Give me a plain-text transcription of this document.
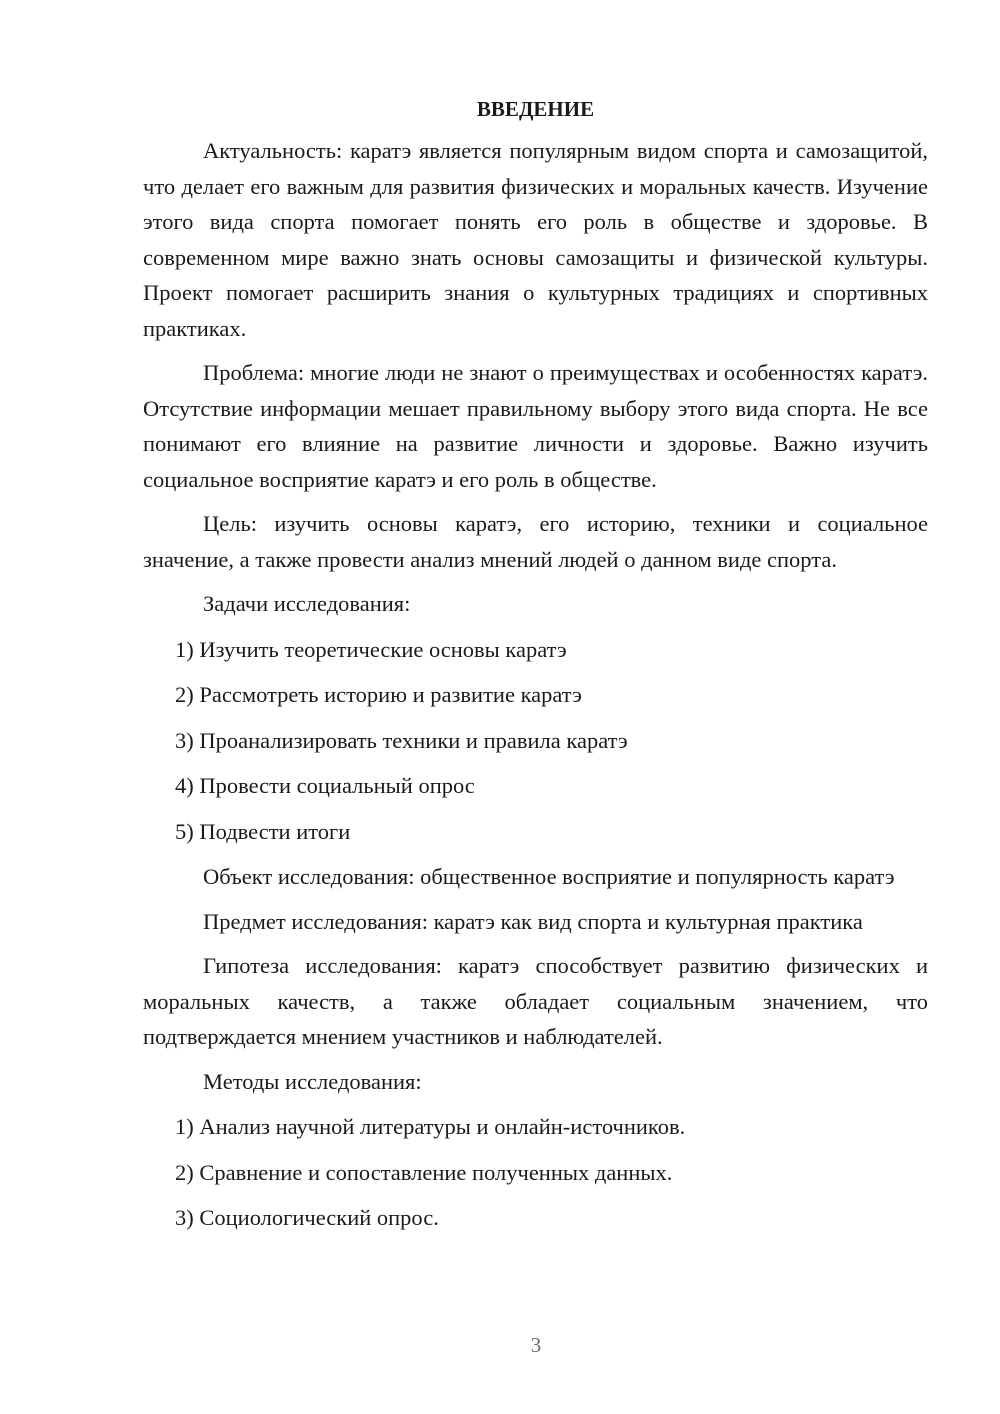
ВВЕДЕНИЕ

Актуальность: каратэ является популярным видом спорта и самозащитой, что делает его важным для развития физических и моральных качеств. Изучение этого вида спорта помогает понять его роль в обществе и здоровье. В современном мире важно знать основы самозащиты и физической культуры. Проект помогает расширить знания о культурных традициях и спортивных практиках.

Проблема: многие люди не знают о преимуществах и особенностях каратэ. Отсутствие информации мешает правильному выбору этого вида спорта. Не все понимают его влияние на развитие личности и здоровье. Важно изучить социальное восприятие каратэ и его роль в обществе.

Цель: изучить основы каратэ, его историю, техники и социальное значение, а также провести анализ мнений людей о данном виде спорта.

Задачи исследования:
1) Изучить теоретические основы каратэ
2) Рассмотреть историю и развитие каратэ
3) Проанализировать техники и правила каратэ
4) Провести социальный опрос
5) Подвести итоги

Объект исследования: общественное восприятие и популярность каратэ

Предмет исследования: каратэ как вид спорта и культурная практика

Гипотеза исследования: каратэ способствует развитию физических и моральных качеств, а также обладает социальным значением, что подтверждается мнением участников и наблюдателей.

Методы исследования:
1) Анализ научной литературы и онлайн-источников.
2) Сравнение и сопоставление полученных данных.
3) Социологический опрос.
3
